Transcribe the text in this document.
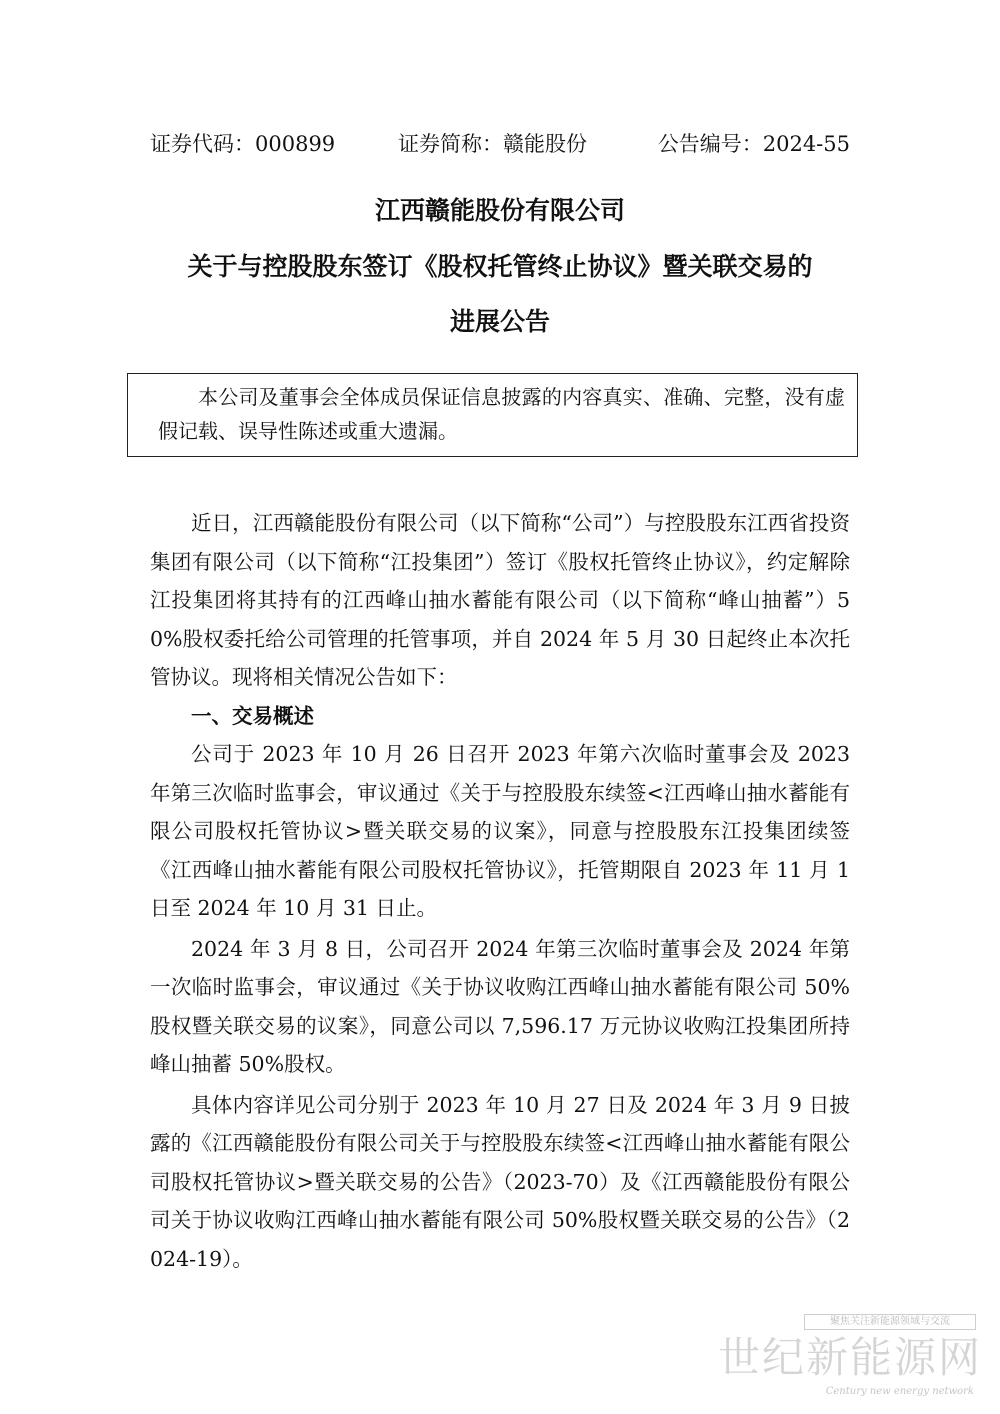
证券代码：000899	证券简称：赣能股份	公告编号：2024-55
江西赣能股份有限公司
关于与控股股东签订《股权托管终止协议》暨关联交易的
进展公告

本公司及董事会全体成员保证信息披露的内容真实、准确、完整，没有虚假记载、误导性陈述或重大遗漏。

近日，江西赣能股份有限公司（以下简称“公司”）与控股股东江西省投资集团有限公司（以下简称“江投集团”）签订《股权托管终止协议》，约定解除江投集团将其持有的江西峰山抽水蓄能有限公司（以下简称“峰山抽蓄”）50%股权委托给公司管理的托管事项，并自 2024 年 5 月 30 日起终止本次托管协议。现将相关情况公告如下：

一、交易概述

公司于 2023 年 10 月 26 日召开 2023 年第六次临时董事会及 2023 年第三次临时监事会，审议通过《关于与控股股东续签<江西峰山抽水蓄能有限公司股权托管协议>暨关联交易的议案》，同意与控股股东江投集团续签《江西峰山抽水蓄能有限公司股权托管协议》，托管期限自 2023 年 11 月 1 日至 2024 年 10 月 31 日止。

2024 年 3 月 8 日，公司召开 2024 年第三次临时董事会及 2024 年第一次临时监事会，审议通过《关于协议收购江西峰山抽水蓄能有限公司 50%股权暨关联交易的议案》，同意公司以 7,596.17 万元协议收购江投集团所持峰山抽蓄 50%股权。

具体内容详见公司分别于 2023 年 10 月 27 日及 2024 年 3 月 9 日披露的《江西赣能股份有限公司关于与控股股东续签<江西峰山抽水蓄能有限公司股权托管协议>暨关联交易的公告》（2023-70）及《江西赣能股份有限公司关于协议收购江西峰山抽水蓄能有限公司 50%股权暨关联交易的公告》（2024-19）。

聚焦关注新能源领域与交流
世纪新能源网
Century new energy network
